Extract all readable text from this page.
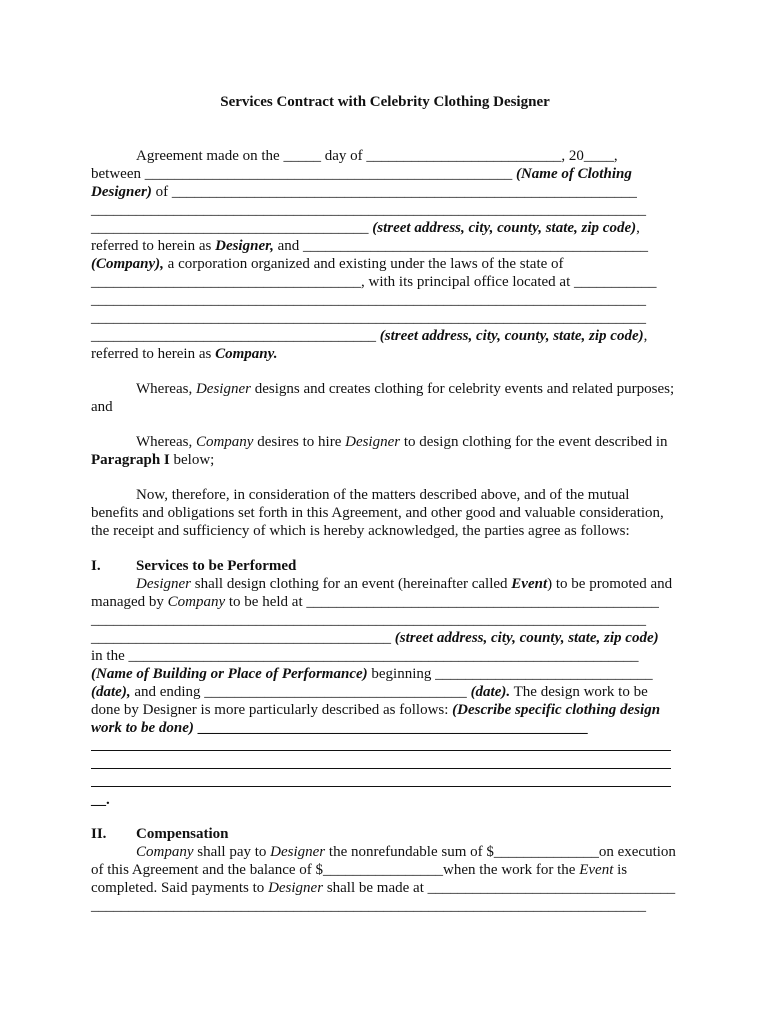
Services Contract with Celebrity Clothing Designer
Agreement made on the _____ day of __________________________, 20____,
between _________________________________________________ (Name of Clothing
Designer) of ______________________________________________________________
__________________________________________________________________________
_____________________________________ (street address, city, county, state, zip code),
referred to herein as Designer, and ______________________________________________
(Company), a corporation organized and existing under the laws of the state of
____________________________________, with its principal office located at ___________
__________________________________________________________________________
__________________________________________________________________________
______________________________________ (street address, city, county, state, zip code),
referred to herein as Company.
Whereas, Designer designs and creates clothing for celebrity events and related purposes;
and
Whereas, Company desires to hire Designer to design clothing for the event described in
Paragraph I below;
Now, therefore, in consideration of the matters described above, and of the mutual
benefits and obligations set forth in this Agreement, and other good and valuable consideration,
the receipt and sufficiency of which is hereby acknowledged, the parties agree as follows:
I. Services to be Performed
Designer shall design clothing for an event (hereinafter called Event) to be promoted and
managed by Company to be held at _______________________________________________
__________________________________________________________________________
________________________________________ (street address, city, county, state, zip code)
in the ____________________________________________________________________
(Name of Building or Place of Performance) beginning _____________________________
(date), and ending ___________________________________ (date). The design work to be
done by Designer is more particularly described as follows: (Describe specific clothing design
work to be done) ____________________________________________________
__.
II. Compensation
Company shall pay to Designer the nonrefundable sum of $______________on execution
of this Agreement and the balance of $________________when the work for the Event is
completed. Said payments to Designer shall be made at _________________________________
__________________________________________________________________________
